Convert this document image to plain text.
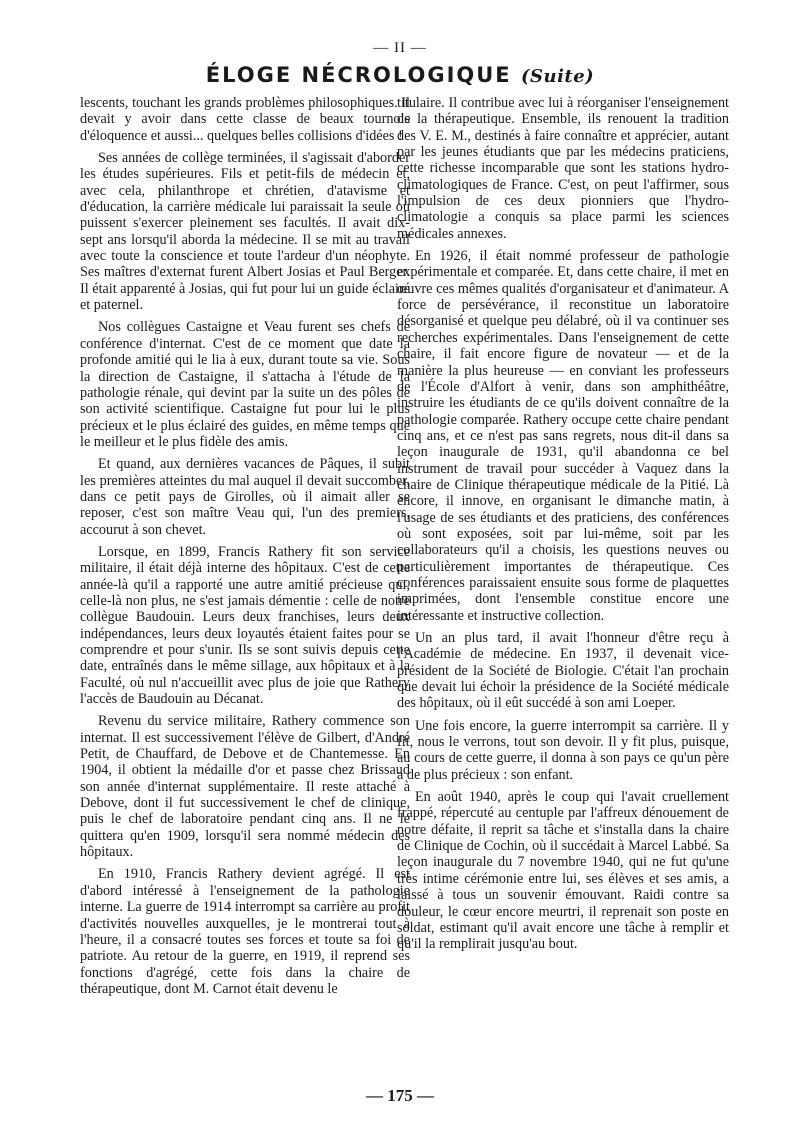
— II —
ÉLOGE NÉCROLOGIQUE (Suite)

lescents, touchant les grands problèmes philosophiques. Il devait y avoir dans cette classe de beaux tournois d'éloquence et aussi... quelques belles collisions d'idées !

Ses années de collège terminées, il s'agissait d'aborder les études supérieures. Fils et petit-fils de médecin et, avec cela, philanthrope et chrétien, d'atavisme et d'éducation, la carrière médicale lui paraissait la seule où puissent s'exercer pleinement ses facultés. Il avait dix-sept ans lorsqu'il aborda la médecine. Il se mit au travail avec toute la conscience et toute l'ardeur d'un néophyte. Ses maîtres d'externat furent Albert Josias et Paul Berger. Il était apparenté à Josias, qui fut pour lui un guide éclairé et paternel.

Nos collègues Castaigne et Veau furent ses chefs de conférence d'internat. C'est de ce moment que date la profonde amitié qui le lia à eux, durant toute sa vie. Sous la direction de Castaigne, il s'attacha à l'étude de la pathologie rénale, qui devint par la suite un des pôles de son activité scientifique. Castaigne fut pour lui le plus précieux et le plus éclairé des guides, en même temps que le meilleur et le plus fidèle des amis.

Et quand, aux dernières vacances de Pâques, il subit les premières atteintes du mal auquel il devait succomber, dans ce petit pays de Girolles, où il aimait aller se reposer, c'est son maître Veau qui, l'un des premiers, accourut à son chevet.

Lorsque, en 1899, Francis Rathery fit son service militaire, il était déjà interne des hôpitaux. C'est de cette année-là qu'il a rapporté une autre amitié précieuse qui, celle-là non plus, ne s'est jamais démentie : celle de notre collègue Baudouin. Leurs deux franchises, leurs deux indépendances, leurs deux loyautés étaient faites pour se comprendre et pour s'unir. Ils se sont suivis depuis cette date, entraînés dans le même sillage, aux hôpitaux et à la Faculté, où nul n'accueillit avec plus de joie que Rathery l'accès de Baudouin au Décanat.

Revenu du service militaire, Rathery commence son internat. Il est successivement l'élève de Gilbert, d'André Petit, de Chauffard, de Debove et de Chantemesse. En 1904, il obtient la médaille d'or et passe chez Brissaud son année d'internat supplémentaire. Il reste attaché à Debove, dont il fut successivement le chef de clinique, puis le chef de laboratoire pendant cinq ans. Il ne le quittera qu'en 1909, lorsqu'il sera nommé médecin des hôpitaux.

En 1910, Francis Rathery devient agrégé. Il est d'abord intéressé à l'enseignement de la pathologie interne. La guerre de 1914 interrompt sa carrière au profit d'activités nouvelles auxquelles, je le montrerai tout à l'heure, il a consacré toutes ses forces et toute sa foi de patriote. Au retour de la guerre, en 1919, il reprend ses fonctions d'agrégé, cette fois dans la chaire de thérapeutique, dont M. Carnot était devenu le

titulaire. Il contribue avec lui à réorganiser l'enseignement de la thérapeutique. Ensemble, ils renouent la tradition des V. E. M., destinés à faire connaître et apprécier, autant par les jeunes étudiants que par les médecins praticiens, cette richesse incomparable que sont les stations hydro-climatologiques de France. C'est, on peut l'affirmer, sous l'impulsion de ces deux pionniers que l'hydro-climatologie a conquis sa place parmi les sciences médicales annexes.

En 1926, il était nommé professeur de pathologie expérimentale et comparée. Et, dans cette chaire, il met en œuvre ces mêmes qualités d'organisateur et d'animateur. A force de persévérance, il reconstitue un laboratoire désorganisé et quelque peu délabré, où il va continuer ses recherches expérimentales. Dans l'enseignement de cette chaire, il fait encore figure de novateur — et de la manière la plus heureuse — en conviant les professeurs de l'École d'Alfort à venir, dans son amphithéâtre, instruire les étudiants de ce qu'ils doivent connaître de la pathologie comparée. Rathery occupe cette chaire pendant cinq ans, et ce n'est pas sans regrets, nous dit-il dans sa leçon inaugurale de 1931, qu'il abandonna ce bel instrument de travail pour succéder à Vaquez dans la chaire de Clinique thérapeutique médicale de la Pitié. Là encore, il innove, en organisant le dimanche matin, à l'usage de ses étudiants et des praticiens, des conférences où sont exposées, soit par lui-même, soit par les collaborateurs qu'il a choisis, les questions neuves ou particulièrement importantes de thérapeutique. Ces conférences paraissaient ensuite sous forme de plaquettes imprimées, dont l'ensemble constitue encore une intéressante et instructive collection.

Un an plus tard, il avait l'honneur d'être reçu à l'Académie de médecine. En 1937, il devenait vice-président de la Société de Biologie. C'était l'an prochain que devait lui échoir la présidence de la Société médicale des hôpitaux, où il eût succédé à son ami Loeper.

Une fois encore, la guerre interrompit sa carrière. Il y fit, nous le verrons, tout son devoir. Il y fit plus, puisque, au cours de cette guerre, il donna à son pays ce qu'un père a de plus précieux : son enfant.

En août 1940, après le coup qui l'avait cruellement frappé, répercuté au centuple par l'affreux dénouement de notre défaite, il reprit sa tâche et s'installa dans la chaire de Clinique de Cochin, où il succédait à Marcel Labbé. Sa leçon inaugurale du 7 novembre 1940, qui ne fut qu'une très intime cérémonie entre lui, ses élèves et ses amis, a laissé à tous un souvenir émouvant. Raidi contre sa douleur, le cœur encore meurtri, il reprenait son poste en soldat, estimant qu'il avait encore une tâche à remplir et qu'il la remplirait jusqu'au bout.

— 175 —
